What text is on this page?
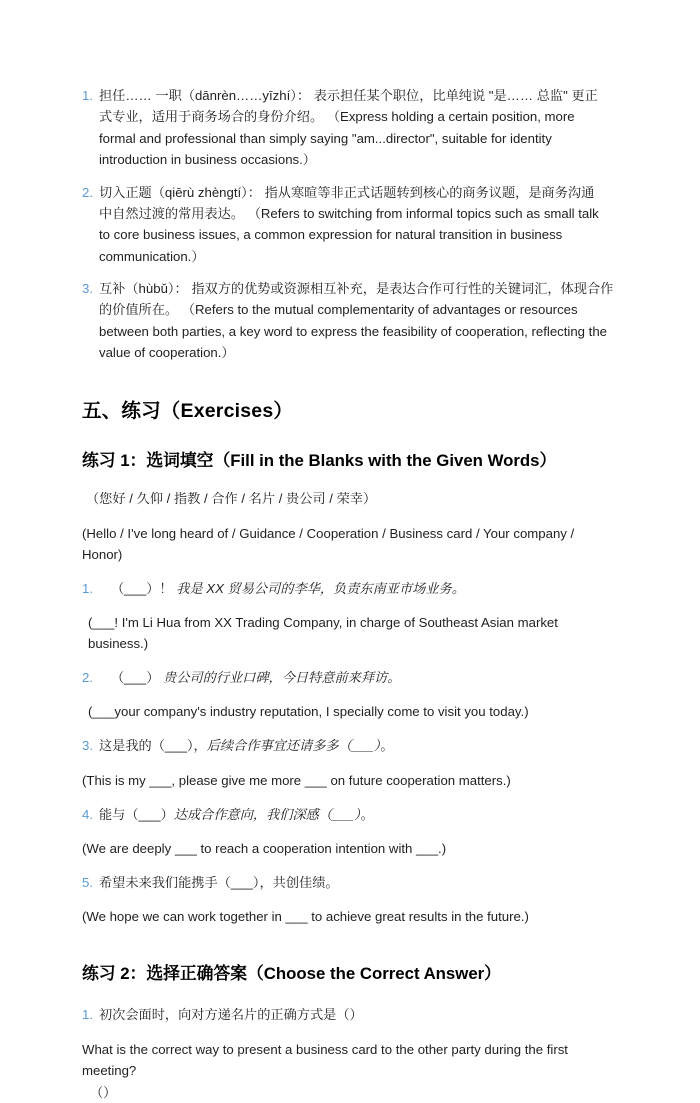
1. 担任…… 一职（dānrèn……yīzhí）： 表示担任某个职位，比单纯说 "是…… 总监" 更正式专业，适用于商务场合的身份介绍。 （Express holding a certain position, more formal and professional than simply saying "am...director", suitable for identity introduction in business occasions.）
2. 切入正题（qiērù zhèngtí）： 指从寒暄等非正式话题转到核心的商务议题，是商务沟通中自然过渡的常用表达。 （Refers to switching from informal topics such as small talk to core business issues, a common expression for natural transition in business communication.）
3. 互补（hùbǔ）： 指双方的优势或资源相互补充，是表达合作可行性的关键词汇，体现合作的价值所在。 （Refers to the mutual complementarity of advantages or resources between both parties, a key word to express the feasibility of cooperation, reflecting the value of cooperation.）
五、练习（Exercises）
练习 1：选词填空（Fill in the Blanks with the Given Words）

（您好 / 久仰 / 指教 / 合作 / 名片 / 贵公司 / 荣幸）

(Hello / I've long heard of / Guidance / Cooperation / Business card / Your company / Honor)

1. （___）！ 我是 XX 贸易公司的李华，负责东南亚市场业务。
(___! I'm Li Hua from XX Trading Company, in charge of Southeast Asian market business.)
2. （___） 贵公司的行业口碑，今日特意前来拜访。
(___your company's industry reputation, I specially come to visit you today.)
3. 这是我的（___），后续合作事宜还请多多（___）。
(This is my ___, please give me more ___ on future cooperation matters.)
4. 能与（___）达成合作意向，我们深感（___）。
(We are deeply ___ to reach a cooperation intention with ___.)
5. 希望未来我们能携手（___），共创佳绩。
(We hope we can work together in ___ to achieve great results in the future.)
练习 2：选择正确答案（Choose the Correct Answer）
1. 初次会面时，向对方递名片的正确方式是（）

What is the correct way to present a business card to the other party during the first meeting?
（）
